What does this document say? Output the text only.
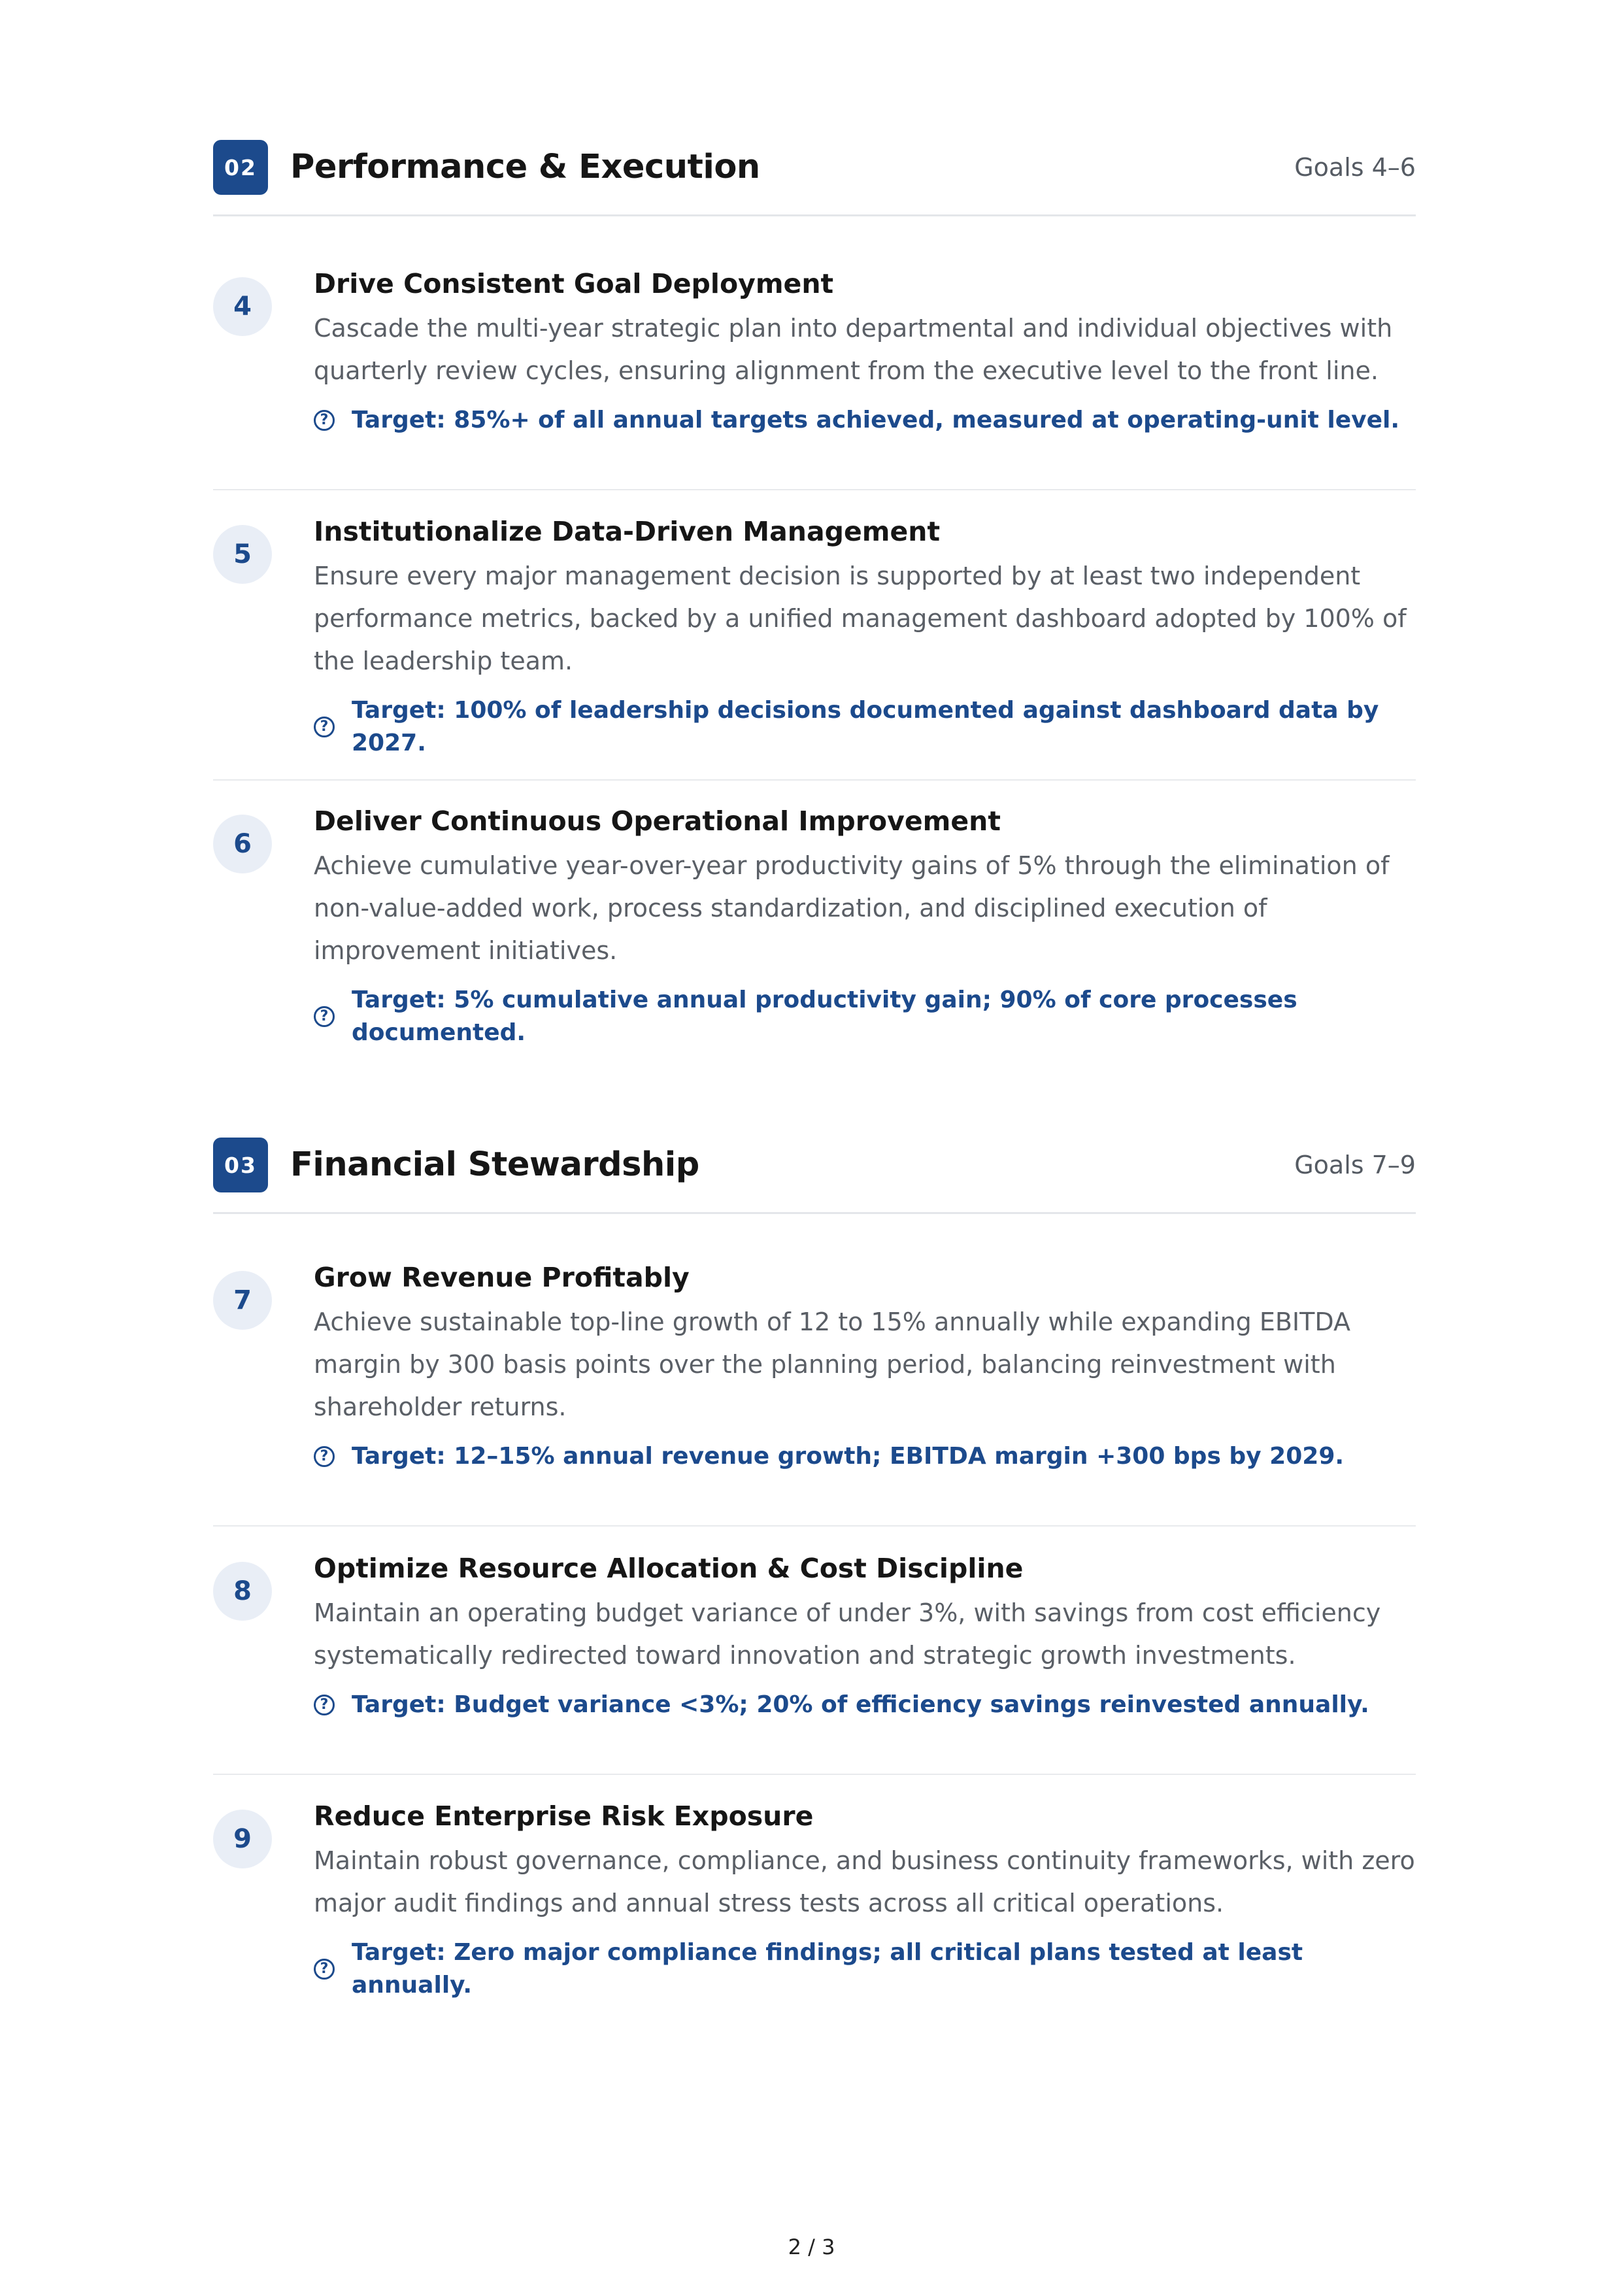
02	Performance & Execution	Goals 4–6
4

Drive Consistent Goal Deployment

Cascade the multi-year strategic plan into departmental and individual objectives with quarterly review cycles, ensuring alignment from the executive level to the front line.

? Target: 85%+ of all annual targets achieved, measured at operating-unit level.
5

Institutionalize Data-Driven Management

Ensure every major management decision is supported by at least two independent performance metrics, backed by a unified management dashboard adopted by 100% of the leadership team.

?
Target: 100% of leadership decisions documented against dashboard data by 2027.
6

Deliver Continuous Operational Improvement

Achieve cumulative year-over-year productivity gains of 5% through the elimination of non-value-added work, process standardization, and disciplined execution of improvement initiatives.

?
Target: 5% cumulative annual productivity gain; 90% of core processes documented.
03	Financial Stewardship	Goals 7–9
7

Grow Revenue Profitably

Achieve sustainable top-line growth of 12 to 15% annually while expanding EBITDA margin by 300 basis points over the planning period, balancing reinvestment with shareholder returns.

? Target: 12–15% annual revenue growth; EBITDA margin +300 bps by 2029.
8

Optimize Resource Allocation & Cost Discipline

Maintain an operating budget variance of under 3%, with savings from cost efficiency systematically redirected toward innovation and strategic growth investments.

? Target: Budget variance <3%; 20% of efficiency savings reinvested annually.
9

Reduce Enterprise Risk Exposure

Maintain robust governance, compliance, and business continuity frameworks, with zero major audit findings and annual stress tests across all critical operations.

?
Target: Zero major compliance findings; all critical plans tested at least annually.
2 / 3
